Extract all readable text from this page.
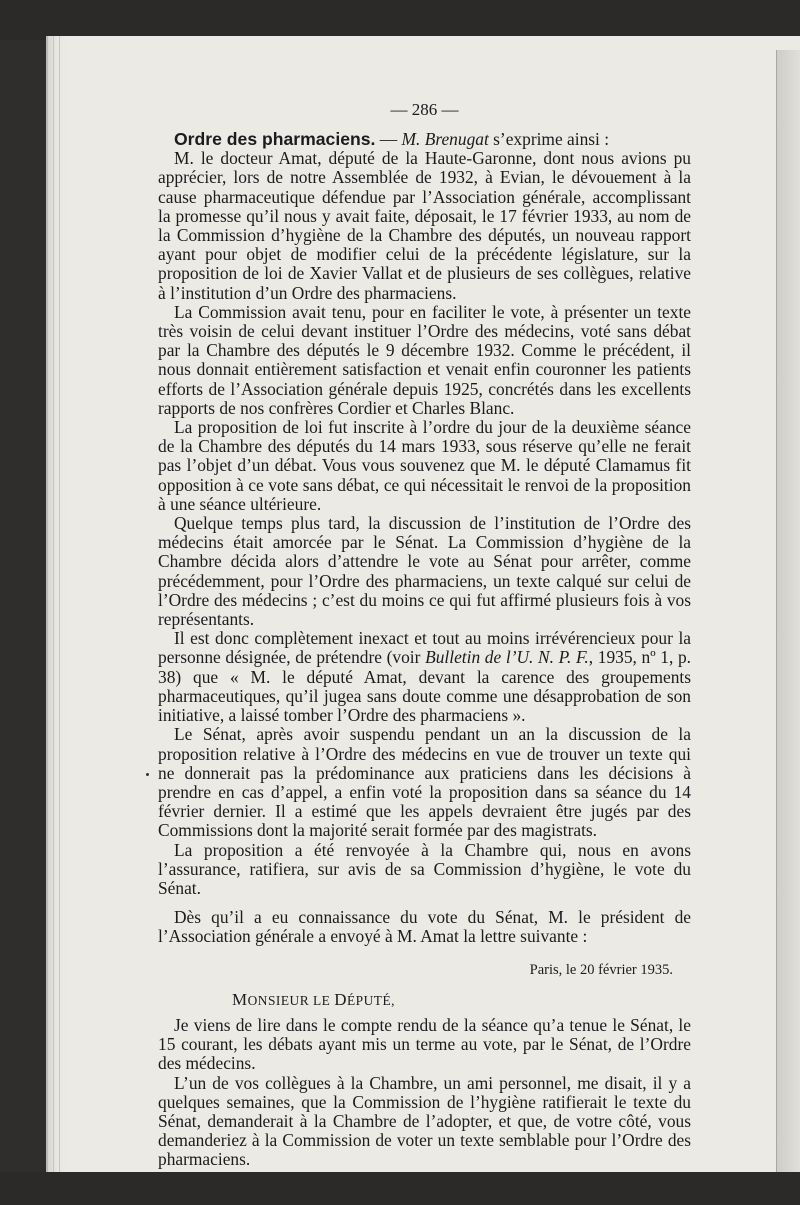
— 286 —

Ordre des pharmaciens. — M. Brenugat s’exprime ainsi :

M. le docteur Amat, député de la Haute-Garonne, dont nous avions pu apprécier, lors de notre Assemblée de 1932, à Evian, le dévouement à la cause pharmaceutique défendue par l’Association générale, accomplissant la promesse qu’il nous y avait faite, déposait, le 17 février 1933, au nom de la Commission d’hygiène de la Chambre des députés, un nouveau rapport ayant pour objet de modifier celui de la précédente législature, sur la proposition de loi de Xavier Vallat et de plusieurs de ses collègues, relative à l’institution d’un Ordre des pharmaciens.

La Commission avait tenu, pour en faciliter le vote, à présenter un texte très voisin de celui devant instituer l’Ordre des médecins, voté sans débat par la Chambre des députés le 9 décembre 1932. Comme le précédent, il nous donnait entièrement satisfaction et venait enfin couronner les patients efforts de l’Association générale depuis 1925, concrétés dans les excellents rapports de nos confrères Cordier et Charles Blanc.

La proposition de loi fut inscrite à l’ordre du jour de la deuxième séance de la Chambre des députés du 14 mars 1933, sous réserve qu’elle ne ferait pas l’objet d’un débat. Vous vous souvenez que M. le député Clamamus fit opposition à ce vote sans débat, ce qui nécessitait le renvoi de la proposition à une séance ultérieure.

Quelque temps plus tard, la discussion de l’institution de l’Ordre des médecins était amorcée par le Sénat. La Commission d’hygiène de la Chambre décida alors d’attendre le vote au Sénat pour arrêter, comme précédemment, pour l’Ordre des pharmaciens, un texte calqué sur celui de l’Ordre des médecins ; c’est du moins ce qui fut affirmé plusieurs fois à vos représentants.

Il est donc complètement inexact et tout au moins irrévérencieux pour la personne désignée, de prétendre (voir Bulletin de l’U. N. P. F., 1935, nº 1, p. 38) que « M. le député Amat, devant la carence des groupements pharmaceutiques, qu’il jugea sans doute comme une désapprobation de son initiative, a laissé tomber l’Ordre des pharmaciens ».

Le Sénat, après avoir suspendu pendant un an la discussion de la proposition relative à l’Ordre des médecins en vue de trouver un texte qui ne donnerait pas la prédominance aux praticiens dans les décisions à prendre en cas d’appel, a enfin voté la proposition dans sa séance du 14 février dernier. Il a estimé que les appels devraient être jugés par des Commissions dont la majorité serait formée par des magistrats.

La proposition a été renvoyée à la Chambre qui, nous en avons l’assurance, ratifiera, sur avis de sa Commission d’hygiène, le vote du Sénat.

Dès qu’il a eu connaissance du vote du Sénat, M. le président de l’Association générale a envoyé à M. Amat la lettre suivante :

Paris, le 20 février 1935.
MONSIEUR LE DÉPUTÉ,

Je viens de lire dans le compte rendu de la séance qu’a tenue le Sénat, le 15 courant, les débats ayant mis un terme au vote, par le Sénat, de l’Ordre des médecins.

L’un de vos collègues à la Chambre, un ami personnel, me disait, il y a quelques semaines, que la Commission de l’hygiène ratifierait le texte du Sénat, demanderait à la Chambre de l’adopter, et que, de votre côté, vous demanderiez à la Commission de voter un texte semblable pour l’Ordre des pharmaciens.
